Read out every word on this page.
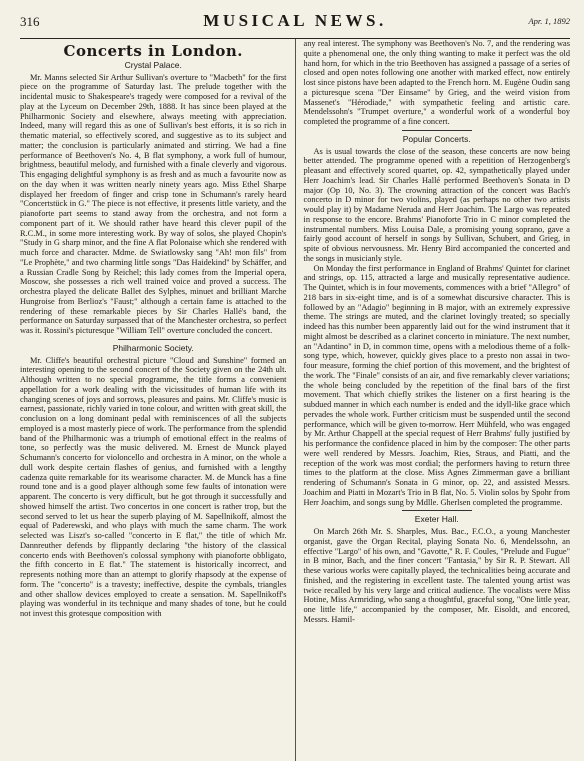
316	MUSICAL NEWS.	Apr. 1, 1892
Concerts in London.
Crystal Palace.

Mr. Manns selected Sir Arthur Sullivan's overture to "Macbeth" for the first piece on the programme of Saturday last. The prelude together with the incidental music to Shakespeare's tragedy were composed for a revival of the play at the Lyceum on December 29th, 1888. It has since been played at the Philharmonic Society and elsewhere, always meeting with appreciation. Indeed, many will regard this as one of Sullivan's best efforts, it is so rich in thematic material, so effectively scored, and suggestive as to its subject and matter; the conclusion is particularly animated and stirring. We had a fine performance of Beethoven's No. 4, B flat symphony, a work full of humour, brightness, beautiful melody, and furnished with a finale cleverly and vigorous. This engaging delightful symphony is as fresh and as much a favourite now as on the day when it was written nearly ninety years ago. Miss Ethel Sharpe displayed her freedom of finger and crisp tone in Schumann's rarely heard "Concertstück in G." The piece is not effective, it presents little variety, and the pianoforte part seems to stand away from the orchestra, and not form a component part of it. We should rather have heard this clever pupil of the R.C.M., in some more interesting work. By way of solos, she played Chopin's "Study in G sharp minor, and the fine A flat Polonaise which she rendered with much force and character. Mdme. de Swiatlowsky sang "Ah! mon fils" from "Le Prophète," and two charming little songs "Das Haidekind" by Schäffer, and a Russian Cradle Song by Reichel; this lady comes from the Imperial opera, Moscow, she possesses a rich well trained voice and proved a success. The orchestra played the delicate Ballet des Sylphes, minuet and brilliant Marche Hungroise from Berlioz's "Faust;" although a certain fame is attached to the rendering of these remarkable pieces by Sir Charles Hallé's band, the performance on Saturday surpassed that of the Manchester orchestra, so perfect was it. Rossini's picturesque "William Tell" overture concluded the concert.

Philharmonic Society.

Mr. Cliffe's beautiful orchestral picture "Cloud and Sunshine" formed an interesting opening to the second concert of the Society given on the 24th ult. Although written to no special programme, the title forms a convenient appellation for a work dealing with the vicissitudes of human life with its changing scenes of joys and sorrows, pleasures and pains. Mr. Cliffe's music is earnest, passionate, richly varied in tone colour, and written with great skill, the conclusion on a long dominant pedal with reminiscences of all the subjects employed is a most masterly piece of work. The performance from the splendid band of the Philharmonic was a triumph of emotional effect in the realms of tone, so perfectly was the music delivered. M. Ernest de Munck played Schumann's concerto for violoncello and orchestra in A minor, on the whole a dull work despite certain flashes of genius, and furnished with a lengthy cadenza quite remarkable for its wearisome character. M. de Munck has a fine round tone and is a good player although some few faults of intonation were apparent. The concerto is very difficult, but he got through it successfully and showed himself the artist. Two concertos in one concert is rather trop, but the second served to let us hear the superb playing of M. Sapellnikoff, almost the equal of Paderewski, and who plays with much the same charm. The work selected was Liszt's so-called "concerto in E flat," the title of which Mr. Dannreuther defends by flippantly declaring "the history of the classical concerto ends with Beethoven's colossal symphony with pianoforte obbligato, the fifth concerto in E flat." The statement is historically incorrect, and represents nothing more than an attempt to glorify rhapsody at the expense of form. The "concerto" is a travesty; ineffective, despite the cymbals, triangles and other shallow devices employed to create a sensation. M. Sapellnikoff's playing was wonderful in its technique and many shades of tone, but he could not invest this grotesque composition with

any real interest. The symphony was Beethoven's No. 7, and the rendering was quite a phenomenal one, the only thing wanting to make it perfect was the old hand horn, for which in the trio Beethoven has assigned a passage of a series of closed and open notes following one another with marked effect, now entirely lost since pistons have been adapted to the French horn. M. Eugène Oudin sang a picturesque scena "Der Einsame" by Grieg, and the weird vision from Massenet's "Hérodiade," with sympathetic feeling and artistic care. Mendelssohn's "Trumpet overture," a wonderful work of a wonderful boy completed the programme of a fine concert.

Popular Concerts.

As is usual towards the close of the season, these concerts are now being better attended. The programme opened with a repetition of Herzogenberg's pleasant and effectively scored quartet, op. 42, sympathetically played under Herr Joachim's lead. Sir Charles Hallé performed Beethoven's Sonata in D major (Op 10, No. 3). The crowning attraction of the concert was Bach's concerto in D minor for two violins, played (as perhaps no other two artists would play it) by Madame Neruda and Herr Joachim. The Largo was repeated in response to the encore. Brahms' Pianoforte Trio in C minor completed the instrumental numbers. Miss Louisa Dale, a promising young soprano, gave a fairly good account of herself in songs by Sullivan, Schubert, and Grieg, in spite of obvious nervousness. Mr. Henry Bird accompanied the concerted and the songs in musicianly style.

On Monday the first performance in England of Brahms' Quintet for clarinet and strings, op. 115, attracted a large and musically representative audience. The Quintet, which is in four movements, commences with a brief "Allegro" of 218 bars in six-eight time, and is of a somewhat discursive character. This is followed by an "Adagio" beginning in B major, with an extremely expressive theme. The strings are muted, and the clarinet lovingly treated; so specially indeed has this number been apparently laid out for the wind instrument that it might almost be described as a clarinet concerto in miniature. The next number, an "Adantino" in D, in common time, opens with a melodious theme of a folk-song type, which, however, quickly gives place to a presto non assai in two-four measure, forming the chief portion of this movement, and the brightest of the work. The "Finale" consists of an air, and five remarkably clever variations; the whole being concluded by the repetition of the final bars of the first movement. That which chiefly strikes the listener on a first hearing is the subdued manner in which each number is ended and the idyll-like grace which pervades the whole work. Further criticism must be suspended until the second performance, which will be given to-morrow. Herr Mühfeld, who was engaged by Mr. Arthur Chappell at the special request of Herr Brahms' fully justified by his performance the confidence placed in him by the composer: The other parts were well rendered by Messrs. Joachim, Ries, Straus, and Piatti, and the reception of the work was most cordial; the performers having to return three times to the platform at the close. Miss Agnes Zimmerman gave a brilliant rendering of Schumann's Sonata in G minor, op. 22, and assisted Messrs. Joachim and Piatti in Mozart's Trio in B flat, No. 5. Violin solos by Spohr from Herr Joachim, and songs sung by Mdlle. Gherlsen completed the programme.

Exeter Hall.

On March 26th Mr. S. Sharples, Mus. Bac., F.C.O., a young Manchester organist, gave the Organ Recital, playing Sonata No. 6, Mendelssohn, an effective "Largo" of his own, and "Gavotte," R. F. Coules, "Prelude and Fugue" in B minor, Bach, and the finer concert "Fantasia," by Sir R. P. Stewart. All these various works were capitally played, the technicalities being accurate and finished, and the registering in excellent taste. The talented young artist was twice recalled by his very large and critical audience. The vocalists were Miss Hotine, Miss Armriding, who sang a thoughtful, graceful song, "One little year, one little life," accompanied by the composer, Mr. Eisoldt, and encored, Messrs. Hamil-
